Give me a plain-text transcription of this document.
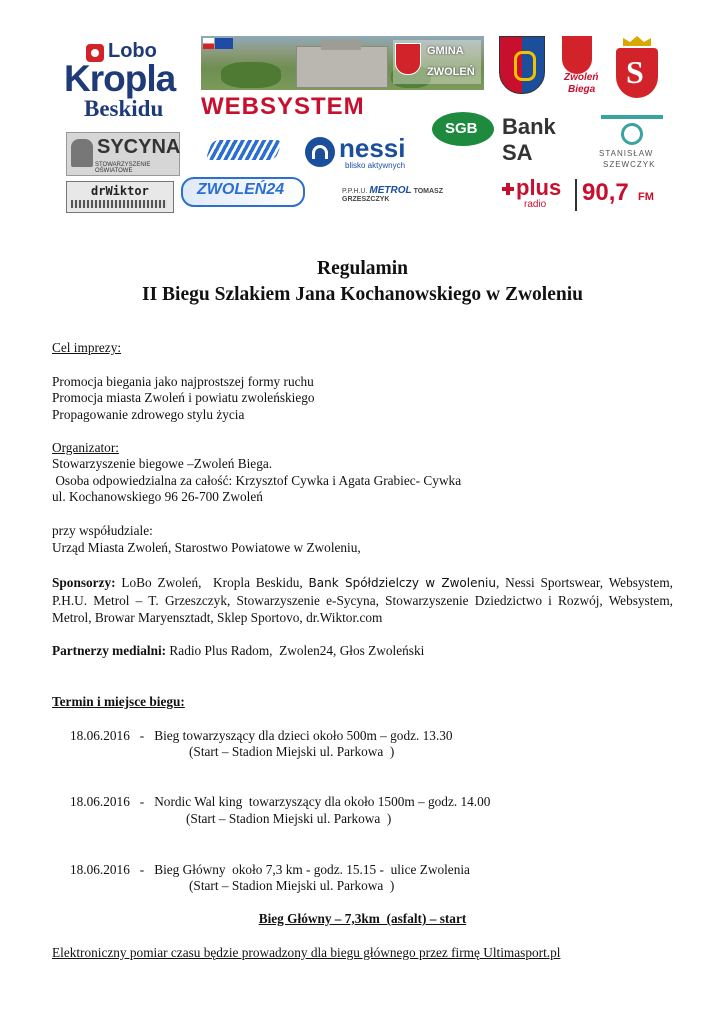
Lobo
Kropla
Beskidu
GMINA
ZWOLEŃ
WEBSYSTEM
Zwoleń
Biega S
SYCYNA
STOWARZYSZENIE OŚWIATOWE
nessi
blisko aktywnych
SGB Bank SA	STANISŁAW
SZEWCZYK
drWiktor	ZWOLEŃ24	P.P.H.U. METROL TOMASZ GRZESZCZYK	plus
radio 90,7 FM
Regulamin
II Biegu Szlakiem Jana Kochanowskiego w Zwoleniu
Cel imprezy:
Promocja biegania jako najprostszej formy ruchu
Promocja miasta Zwoleń i powiatu zwoleńskiego
Propagowanie zdrowego stylu życia
Organizator:
Stowarzyszenie biegowe –Zwoleń Biega.
Osoba odpowiedzialna za całość: Krzysztof Cywka i Agata Grabiec- Cywka
ul. Kochanowskiego 96 26-700 Zwoleń
przy współudziale:
Urząd Miasta Zwoleń, Starostwo Powiatowe w Zwoleniu,
Sponsorzy: LoBo Zwoleń,  Kropla Beskidu, Bank Spółdzielczy w Zwoleniu, Nessi Sportswear, Websystem, P.H.U. Metrol – T. Grzeszczyk, Stowarzyszenie e-Sycyna, Stowarzyszenie Dziedzictwo i Rozwój, Websystem, Metrol, Browar Maryensztadt, Sklep Sportovo, dr.Wiktor.com
Partnerzy medialni: Radio Plus Radom,  Zwolen24, Głos Zwoleński
Termin i miejsce biegu:
18.06.2016   -   Bieg towarzyszący dla dzieci około 500m – godz. 13.30
(Start – Stadion Miejski ul. Parkowa  )
18.06.2016   -   Nordic Wal king  towarzyszący dla około 1500m – godz. 14.00
(Start – Stadion Miejski ul. Parkowa  )
18.06.2016   -   Bieg Główny  około 7,3 km - godz. 15.15 -  ulice Zwolenia
(Start – Stadion Miejski ul. Parkowa  )
Bieg Główny – 7,3km  (asfalt) – start
Elektroniczny pomiar czasu będzie prowadzony dla biegu głównego przez firmę Ultimasport.pl
